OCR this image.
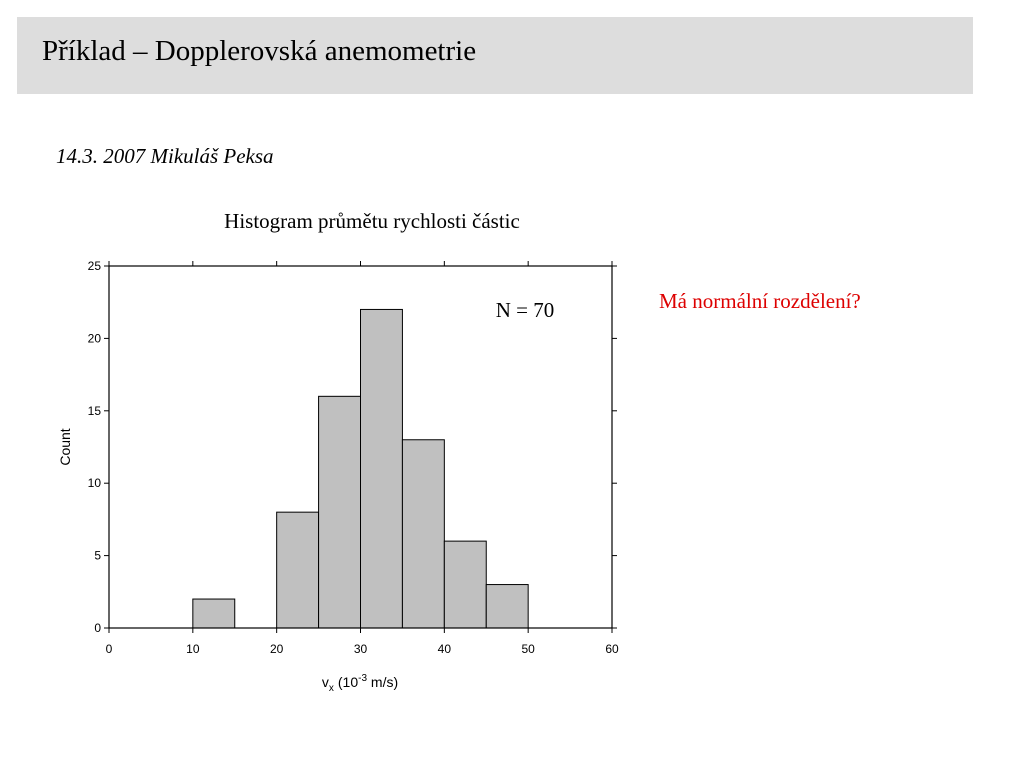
Příklad – Dopplerovská anemometrie
14.3. 2007 Mikuláš Peksa
Má normální rozdělení?
Histogram průmětu rychlosti částic
0	10	20	30	40	50	60
0
5
10
15
20
25
N = 70
Count
$v_x$ ($10^{-3}$ m/s)
